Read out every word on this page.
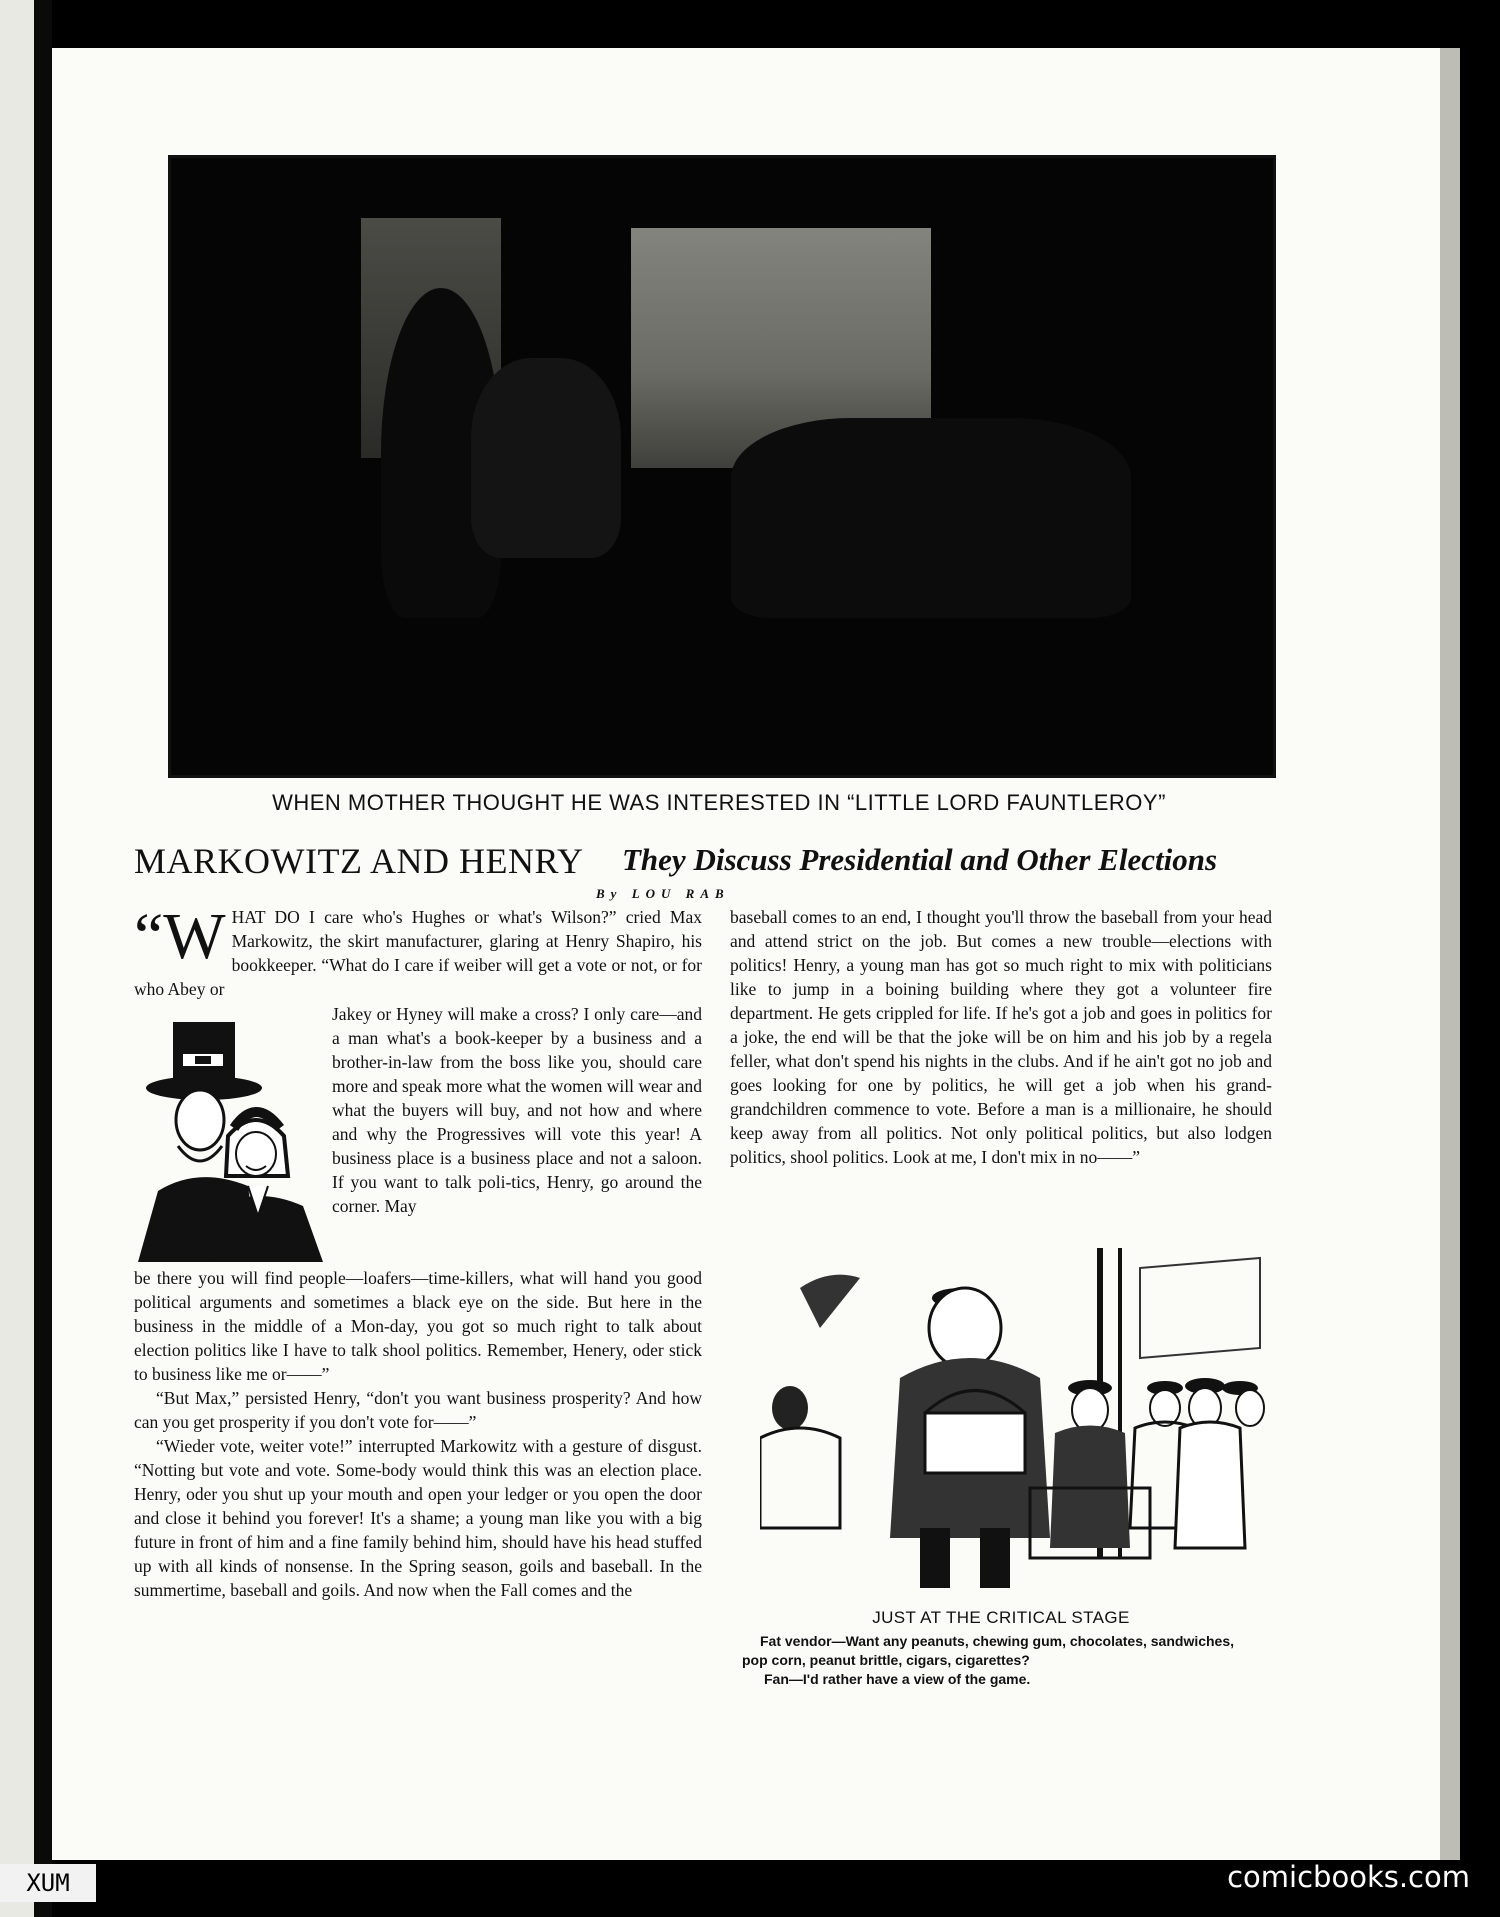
WHEN MOTHER THOUGHT HE WAS INTERESTED IN “LITTLE LORD FAUNTLEROY”
MARKOWITZ AND HENRY They Discuss Presidential and Other Elections
By LOU RAB
“W HAT DO I care who's Hughes or what's Wilson?” cried Max Markowitz, the skirt manufacturer, glaring at Henry Shapiro, his bookkeeper. “What do I care if weiber will get a vote or not, or for who Abey or

Jakey or Hyney will make a cross? I only care—and a man what's a book-keeper by a business and a brother-in-law from the boss like you, should care more and speak more what the women will wear and what the buyers will buy, and not how and where and why the Progressives will vote this year! A business place is a business place and not a saloon. If you want to talk poli-tics, Henry, go around the corner. May

be there you will find people—loafers—time-killers, what will hand you good political arguments and sometimes a black eye on the side. But here in the business in the middle of a Mon-day, you got so much right to talk about election politics like I have to talk shool politics. Remember, Henery, oder stick to business like me or——”

“But Max,” persisted Henry, “don't you want business prosperity? And how can you get prosperity if you don't vote for——”

“Wieder vote, weiter vote!” interrupted Markowitz with a gesture of disgust. “Notting but vote and vote. Some-body would think this was an election place. Henry, oder you shut up your mouth and open your ledger or you open the door and close it behind you forever! It's a shame; a young man like you with a big future in front of him and a fine family behind him, should have his head stuffed up with all kinds of nonsense. In the Spring season, goils and baseball. In the summertime, baseball and goils. And now when the Fall comes and the

baseball comes to an end, I thought you'll throw the baseball from your head and attend strict on the job. But comes a new trouble—elections with politics! Henry, a young man has got so much right to mix with politicians like to jump in a boining building where they got a volunteer fire department. He gets crippled for life. If he's got a job and goes in politics for a joke, the end will be that the joke will be on him and his job by a regela feller, what don't spend his nights in the clubs. And if he ain't got no job and goes looking for one by politics, he will get a job when his grand-grandchildren commence to vote. Before a man is a millionaire, he should keep away from all politics. Not only political politics, but also lodgen politics, shool politics. Look at me, I don't mix in no——”

JUST AT THE CRITICAL STAGE

Fat vendor—Want any peanuts, chewing gum, chocolates, sandwiches,

pop corn, peanut brittle, cigars, cigarettes?

Fan—I'd rather have a view of the game.

XUM	comicbooks.com
